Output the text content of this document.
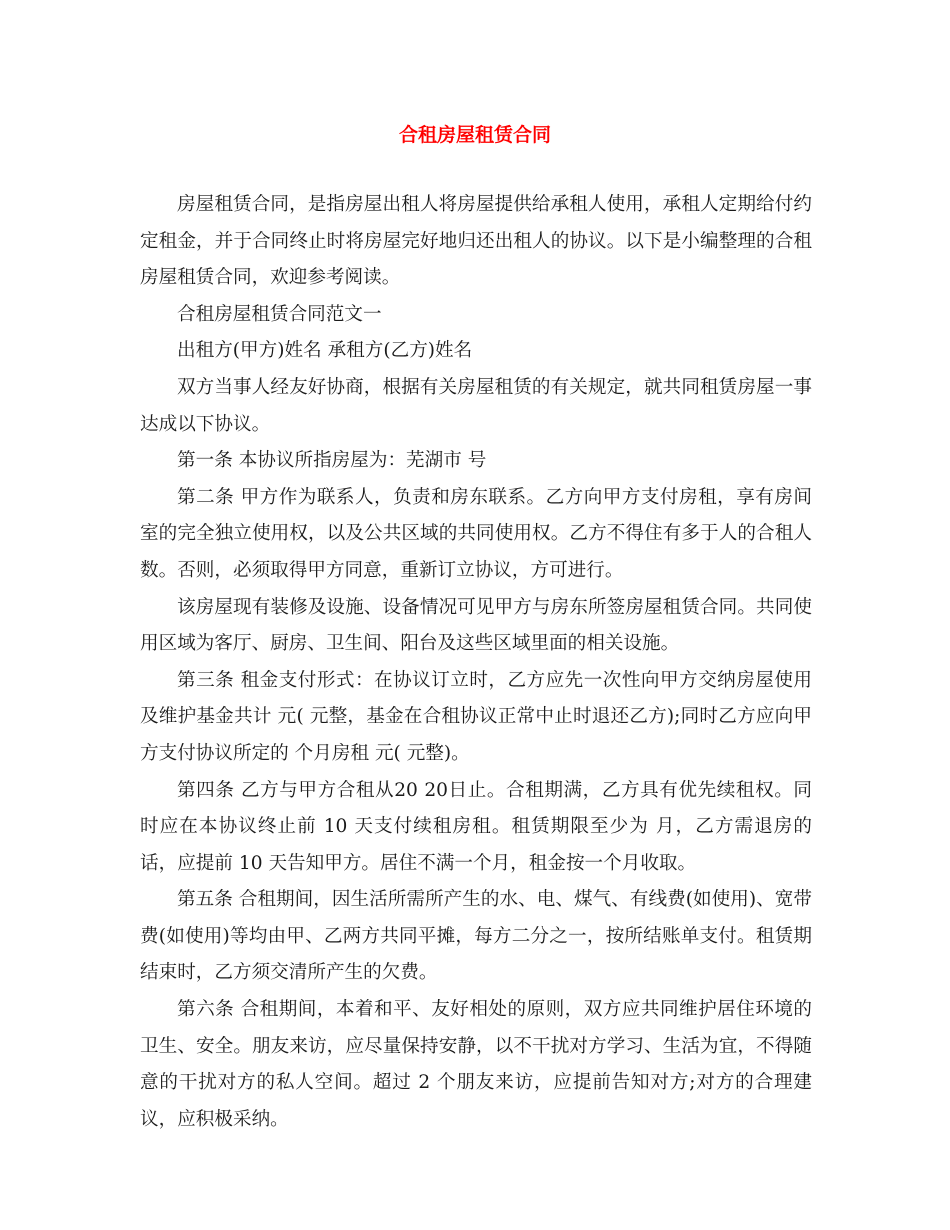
合租房屋租赁合同

房屋租赁合同，是指房屋出租人将房屋提供给承租人使用，承租人定期给付约定租金，并于合同终止时将房屋完好地归还出租人的协议。以下是小编整理的合租房屋租赁合同，欢迎参考阅读。

合租房屋租赁合同范文一

出租方(甲方)姓名 承租方(乙方)姓名

双方当事人经友好协商，根据有关房屋租赁的有关规定，就共同租赁房屋一事达成以下协议。

第一条 本协议所指房屋为：芜湖市 号

第二条 甲方作为联系人，负责和房东联系。乙方向甲方支付房租，享有房间室的完全独立使用权，以及公共区域的共同使用权。乙方不得住有多于人的合租人数。否则，必须取得甲方同意，重新订立协议，方可进行。

该房屋现有装修及设施、设备情况可见甲方与房东所签房屋租赁合同。共同使用区域为客厅、厨房、卫生间、阳台及这些区域里面的相关设施。

第三条 租金支付形式：在协议订立时，乙方应先一次性向甲方交纳房屋使用及维护基金共计 元( 元整，基金在合租协议正常中止时退还乙方);同时乙方应向甲方支付协议所定的 个月房租 元( 元整)。

第四条 乙方与甲方合租从20 20日止。合租期满，乙方具有优先续租权。同时应在本协议终止前 10 天支付续租房租。租赁期限至少为 月，乙方需退房的话，应提前 10 天告知甲方。居住不满一个月，租金按一个月收取。

第五条 合租期间，因生活所需所产生的水、电、煤气、有线费(如使用)、宽带费(如使用)等均由甲、乙两方共同平摊，每方二分之一，按所结账单支付。租赁期结束时，乙方须交清所产生的欠费。

第六条 合租期间，本着和平、友好相处的原则，双方应共同维护居住环境的卫生、安全。朋友来访，应尽量保持安静，以不干扰对方学习、生活为宜，不得随意的干扰对方的私人空间。超过 2 个朋友来访，应提前告知对方;对方的合理建议，应积极采纳。
